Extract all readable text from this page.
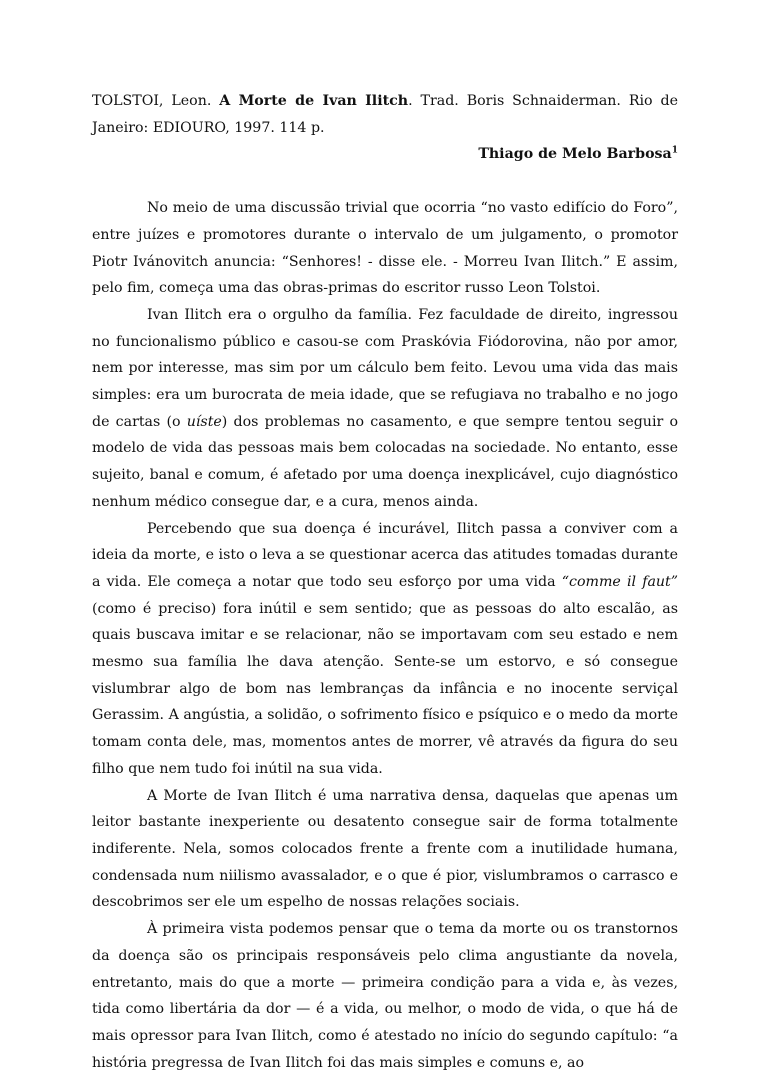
TOLSTOI, Leon. A Morte de Ivan Ilitch. Trad. Boris Schnaiderman. Rio de Janeiro: EDIOURO, 1997. 114 p.

Thiago de Melo Barbosa$^1$

No meio de uma discussão trivial que ocorria “no vasto edifício do Foro”, entre juízes e promotores durante o intervalo de um julgamento, o promotor Piotr Ivánovitch anuncia: “Senhores! - disse ele. - Morreu Ivan Ilitch.” E assim, pelo fim, começa uma das obras-primas do escritor russo Leon Tolstoi.

Ivan Ilitch era o orgulho da família. Fez faculdade de direito, ingressou no funcionalismo público e casou-se com Praskóvia Fiódorovina, não por amor, nem por interesse, mas sim por um cálculo bem feito. Levou uma vida das mais simples: era um burocrata de meia idade, que se refugiava no trabalho e no jogo de cartas (o uíste) dos problemas no casamento, e que sempre tentou seguir o modelo de vida das pessoas mais bem colocadas na sociedade. No entanto, esse sujeito, banal e comum, é afetado por uma doença inexplicável, cujo diagnóstico nenhum médico consegue dar, e a cura, menos ainda.

Percebendo que sua doença é incurável, Ilitch passa a conviver com a ideia da morte, e isto o leva a se questionar acerca das atitudes tomadas durante a vida. Ele começa a notar que todo seu esforço por uma vida “comme il faut” (como é preciso) fora inútil e sem sentido; que as pessoas do alto escalão, as quais buscava imitar e se relacionar, não se importavam com seu estado e nem mesmo sua família lhe dava atenção. Sente-se um estorvo, e só consegue vislumbrar algo de bom nas lembranças da infância e no inocente serviçal Gerassim. A angústia, a solidão, o sofrimento físico e psíquico e o medo da morte tomam conta dele, mas, momentos antes de morrer, vê através da figura do seu filho que nem tudo foi inútil na sua vida.

A Morte de Ivan Ilitch é uma narrativa densa, daquelas que apenas um leitor bastante inexperiente ou desatento consegue sair de forma totalmente indiferente. Nela, somos colocados frente a frente com a inutilidade humana, condensada num niilismo avassalador, e o que é pior, vislumbramos o carrasco e descobrimos ser ele um espelho de nossas relações sociais.

À primeira vista podemos pensar que o tema da morte ou os transtornos da doença são os principais responsáveis pelo clima angustiante da novela, entretanto, mais do que a morte — primeira condição para a vida e, às vezes, tida como libertária da dor — é a vida, ou melhor, o modo de vida, o que há de mais opressor para Ivan Ilitch, como é atestado no início do segundo capítulo: “a história pregressa de Ivan Ilitch foi das mais simples e comuns e, ao
